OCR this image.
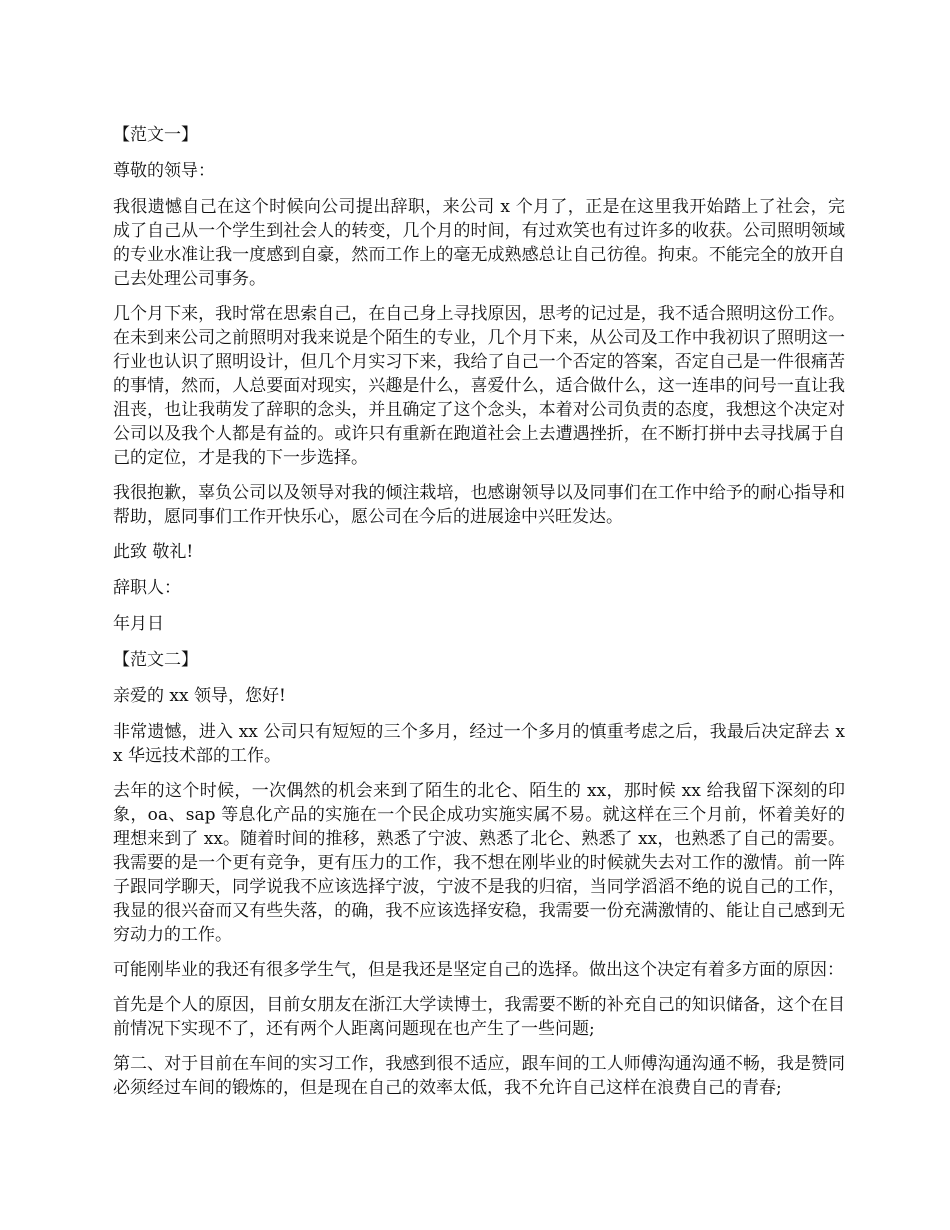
【范文一】

尊敬的领导：

我很遗憾自己在这个时候向公司提出辞职，来公司 x 个月了，正是在这里我开始踏上了社会，完成了自己从一个学生到社会人的转变，几个月的时间，有过欢笑也有过许多的收获。公司照明领域的专业水准让我一度感到自豪，然而工作上的毫无成熟感总让自己彷徨。拘束。不能完全的放开自己去处理公司事务。

几个月下来，我时常在思索自己，在自己身上寻找原因，思考的记过是，我不适合照明这份工作。在未到来公司之前照明对我来说是个陌生的专业，几个月下来，从公司及工作中我初识了照明这一行业也认识了照明设计，但几个月实习下来，我给了自己一个否定的答案，否定自己是一件很痛苦的事情，然而，人总要面对现实，兴趣是什么，喜爱什么，适合做什么，这一连串的问号一直让我沮丧，也让我萌发了辞职的念头，并且确定了这个念头，本着对公司负责的态度，我想这个决定对公司以及我个人都是有益的。或许只有重新在跑道社会上去遭遇挫折，在不断打拼中去寻找属于自己的定位，才是我的下一步选择。

我很抱歉，辜负公司以及领导对我的倾注栽培，也感谢领导以及同事们在工作中给予的耐心指导和帮助，愿同事们工作开快乐心，愿公司在今后的进展途中兴旺发达。

此致 敬礼!

辞职人：

年月日

【范文二】

亲爱的 xx 领导，您好!

非常遗憾，进入 xx 公司只有短短的三个多月，经过一个多月的慎重考虑之后，我最后决定辞去 xx 华远技术部的工作。

去年的这个时候，一次偶然的机会来到了陌生的北仑、陌生的 xx，那时候 xx 给我留下深刻的印象，oa、sap 等息化产品的实施在一个民企成功实施实属不易。就这样在三个月前，怀着美好的理想来到了 xx。随着时间的推移，熟悉了宁波、熟悉了北仑、熟悉了 xx，也熟悉了自己的需要。我需要的是一个更有竞争，更有压力的工作，我不想在刚毕业的时候就失去对工作的激情。前一阵子跟同学聊天，同学说我不应该选择宁波，宁波不是我的归宿，当同学滔滔不绝的说自己的工作，我显的很兴奋而又有些失落，的确，我不应该选择安稳，我需要一份充满激情的、能让自己感到无穷动力的工作。

可能刚毕业的我还有很多学生气，但是我还是坚定自己的选择。做出这个决定有着多方面的原因：

首先是个人的原因，目前女朋友在浙江大学读博士，我需要不断的补充自己的知识储备，这个在目前情况下实现不了，还有两个人距离问题现在也产生了一些问题;

第二、对于目前在车间的实习工作，我感到很不适应，跟车间的工人师傅沟通沟通不畅，我是赞同必须经过车间的锻炼的，但是现在自己的效率太低，我不允许自己这样在浪费自己的青春;
